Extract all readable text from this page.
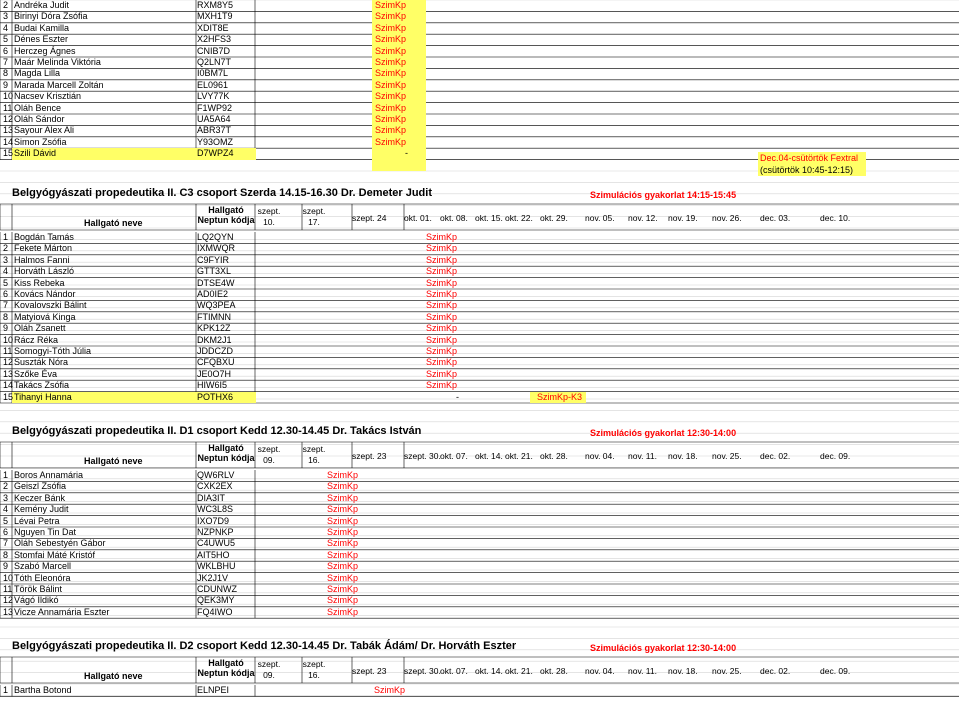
2 Andréka Judit	RXM8Y5	SzimKp
3 Birinyi Dóra Zsófia	MXH1T9	SzimKp
4 Budai Kamilla	XDIT8E	SzimKp
5 Dénes Eszter	X2HFS3	SzimKp
6 Herczeg Ágnes	CNIB7D	SzimKp
7 Maár Melinda Viktória	Q2LN7T	SzimKp
8 Magda Lilla	I0BM7L	SzimKp
9 Marada Marcell Zoltán	EL0961	SzimKp
10 Nacsev Krisztián	LVY77K	SzimKp
11 Oláh Bence	F1WP92	SzimKp
12 Oláh Sándor	UA5A64	SzimKp
13 Sayour Alex Ali	ABR37T	SzimKp
14 Simon Zsófia	Y93OMZ	SzimKp
15 Szili Dávid	D7WPZ4	-
Belgyógyászati propedeutika II. C3 csoport Szerda 14.15-16.30 Dr. Demeter Judit	Szimulációs gyakorlat 14:15-15:45
Hallgató neve
Hallgató
Neptun kódja
szept. 10.
szept. 17.	szept. 24 okt. 01. okt. 08. okt. 15. okt. 22. okt. 29. nov. 05. nov. 12. nov. 19. nov. 26. dec. 03.	dec. 10.
1 Bogdán Tamás	LQ2QYN	SzimKp
2 Fekete Márton	IXMWQR	SzimKp
3 Halmos Fanni	C9FYIR	SzimKp
4 Horváth László	GTT3XL	SzimKp
5 Kiss Rebeka	DTSE4W	SzimKp
6 Kovács Nándor	AD0IE2	SzimKp
7 Kovalovszki Bálint	WQ3PEA	SzimKp
8 Matyiová Kinga	FTIMNN	SzimKp
9 Oláh Zsanett	KPK12Z	SzimKp
10 Rácz Réka	DKM2J1	SzimKp
11 Somogyi-Tóth Júlia	JDDCZD	SzimKp
12 Suszták Nóra	CFQBXU	SzimKp
13 Szőke Éva	JE0O7H	SzimKp
14 Takács Zsófia	HIW6I5	SzimKp
15 Tihanyi Hanna	POTHX6	-	SzimKp-K3
Belgyógyászati propedeutika II. D1 csoport Kedd 12.30-14.45 Dr. Takács István	Szimulációs gyakorlat 12:30-14:00
Hallgató neve
Hallgató
Neptun kódja
szept. 09.
szept. 16.	szept. 23 szept. 30. okt. 07. okt. 14. okt. 21. okt. 28. nov. 04. nov. 11. nov. 18. nov. 25. dec. 02.	dec. 09.
1 Boros Annamária	QW6RLV	SzimKp
2 Geiszl Zsófia	CXK2EX	SzimKp
3 Keczer Bánk	DIA3IT	SzimKp
4 Kemény Judit	WC3L8S	SzimKp
5 Lévai Petra	IXO7D9	SzimKp
6 Nguyen Tin Dat	NZPNKP	SzimKp
7 Oláh Sebestyén Gábor	C4UWU5	SzimKp
8 Stomfai Máté Kristóf	AIT5HO	SzimKp
9 Szabó Marcell	WKLBHU	SzimKp
10 Tóth Eleonóra	JK2J1V	SzimKp
11 Török Bálint	CDUNWZ	SzimKp
12 Vágó Ildikó	QEK3MY	SzimKp
13 Vicze Annamária Eszter	FQ4IWO	SzimKp
Belgyógyászati propedeutika II. D2 csoport Kedd 12.30-14.45 Dr. Tabák Ádám/ Dr. Horváth Eszter	Szimulációs gyakorlat 12:30-14:00
Hallgató neve
Hallgató
Neptun kódja
szept. 09.
szept. 16.	szept. 23 szept. 30. okt. 07. okt. 14. okt. 21. okt. 28. nov. 04. nov. 11. nov. 18. nov. 25. dec. 02.	dec. 09.
1 Bartha Botond	ELNPEI	SzimKp
Dec.04-csütörtök Fextral
(csütörtök 10:45-12:15)
